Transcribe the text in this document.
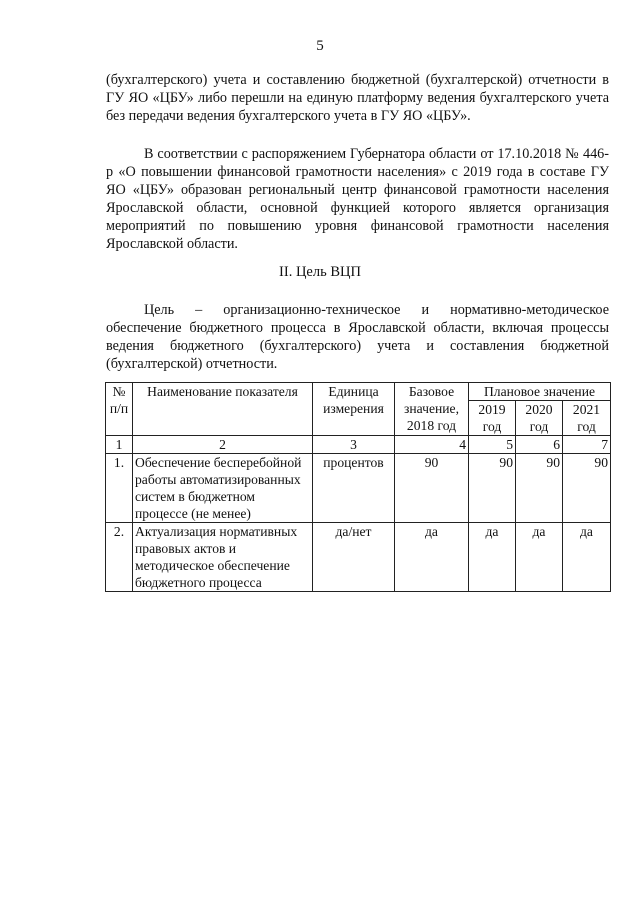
5
(бухгалтерского) учета и составлению бюджетной (бухгалтерской) отчетности в ГУ ЯО «ЦБУ» либо перешли на единую платформу ведения бухгалтерского учета без передачи ведения бухгалтерского учета в ГУ ЯО «ЦБУ».
В соответствии с распоряжением Губернатора области от 17.10.2018 № 446-р «О повышении финансовой грамотности населения» с 2019 года в составе ГУ ЯО «ЦБУ» образован региональный центр финансовой грамотности населения Ярославской области, основной функцией которого является организация мероприятий по повышению уровня финансовой грамотности населения Ярославской области.
II. Цель ВЦП
Цель – организационно-техническое и нормативно-методическое обеспечение бюджетного процесса в Ярославской области, включая процессы ведения бюджетного (бухгалтерского) учета и составления бюджетной (бухгалтерской) отчетности.
№ п/п	Наименование показателя	Единица измерения	Базовое значение, 2018 год	Плановое значение		
				2019 год	2020 год	2021 год
1	2	3	4	5	6	7
1.	Обеспечение бесперебойной работы автоматизированных систем в бюджетном процессе (не менее)	процентов	90	90	90	90
2.	Актуализация нормативных правовых актов и методическое обеспечение бюджетного процесса	да/нет	да	да	да	да
